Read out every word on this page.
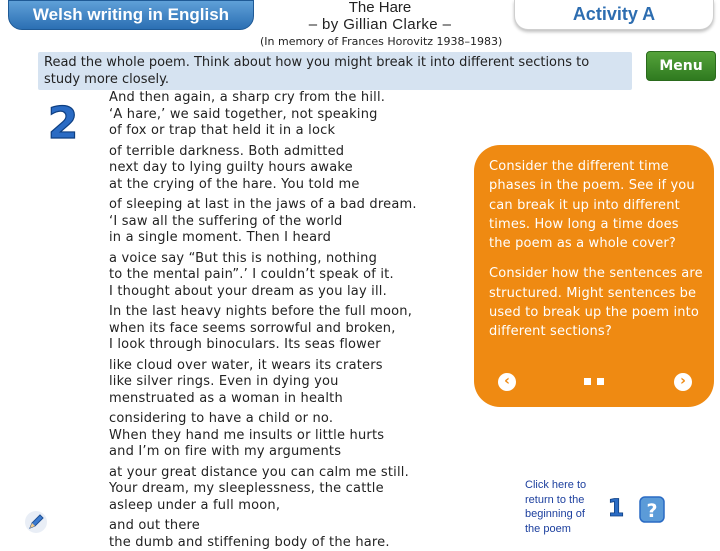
Welsh writing in English	The Hare
– by Gillian Clarke –
Activity A
(In memory of Frances Horovitz 1938–1983)
Read the whole poem. Think about how you might break it into different sections to study more closely.
Menu
2
And then again, a sharp cry from the hill.
‘A hare,’ we said together, not speaking
of fox or trap that held it in a lock
of terrible darkness. Both admitted
next day to lying guilty hours awake
at the crying of the hare. You told me
of sleeping at last in the jaws of a bad dream.
‘I saw all the suffering of the world
in a single moment. Then I heard
a voice say “But this is nothing, nothing
to the mental pain”.’ I couldn’t speak of it.
I thought about your dream as you lay ill.
In the last heavy nights before the full moon,
when its face seems sorrowful and broken,
I look through binoculars. Its seas flower
like cloud over water, it wears its craters
like silver rings. Even in dying you
menstruated as a woman in health
considering to have a child or no.
When they hand me insults or little hurts
and I’m on fire with my arguments
at your great distance you can calm me still.
Your dream, my sleeplessness, the cattle
asleep under a full moon,
and out there
the dumb and stiffening body of the hare.

Consider the different time phases in the poem. See if you can break it up into different times. How long a time does the poem as a whole cover?

Consider how the sentences are structured. Might sentences be used to break up the poem into different sections?

‹	›
Click here to return to the beginning of the poem
1 ?
